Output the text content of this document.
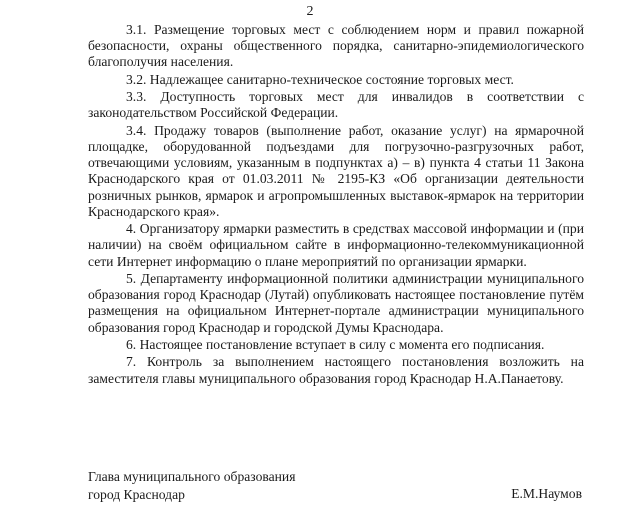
2

3.1. Размещение торговых мест с соблюдением норм и правил пожарной безопасности, охраны общественного порядка, санитарно-эпидемиологического благополучия населения.

3.2. Надлежащее санитарно-техническое состояние торговых мест.

3.3. Доступность торговых мест для инвалидов в соответствии с законодательством Российской Федерации.

3.4. Продажу товаров (выполнение работ, оказание услуг) на ярмарочной площадке, оборудованной подъездами для погрузочно-разгрузочных работ, отвечающими условиям, указанным в подпунктах а) – в) пункта 4 статьи 11 Закона Краснодарского края от 01.03.2011 № 2195-КЗ «Об организации деятельности розничных рынков, ярмарок и агропромышленных выставок-ярмарок на территории Краснодарского края».

4. Организатору ярмарки разместить в средствах массовой информации и (при наличии) на своём официальном сайте в информационно-телекоммуникационной сети Интернет информацию о плане мероприятий по организации ярмарки.

5. Департаменту информационной политики администрации муниципального образования город Краснодар (Лутай) опубликовать настоящее постановление путём размещения на официальном Интернет-портале администрации муниципального образования город Краснодар и городской Думы Краснодара.

6. Настоящее постановление вступает в силу с момента его подписания.

7. Контроль за выполнением настоящего постановления возложить на заместителя главы муниципального образования город Краснодар Н.А.Панаетову.

Глава муниципального образования
город Краснодар	Е.М.Наумов
